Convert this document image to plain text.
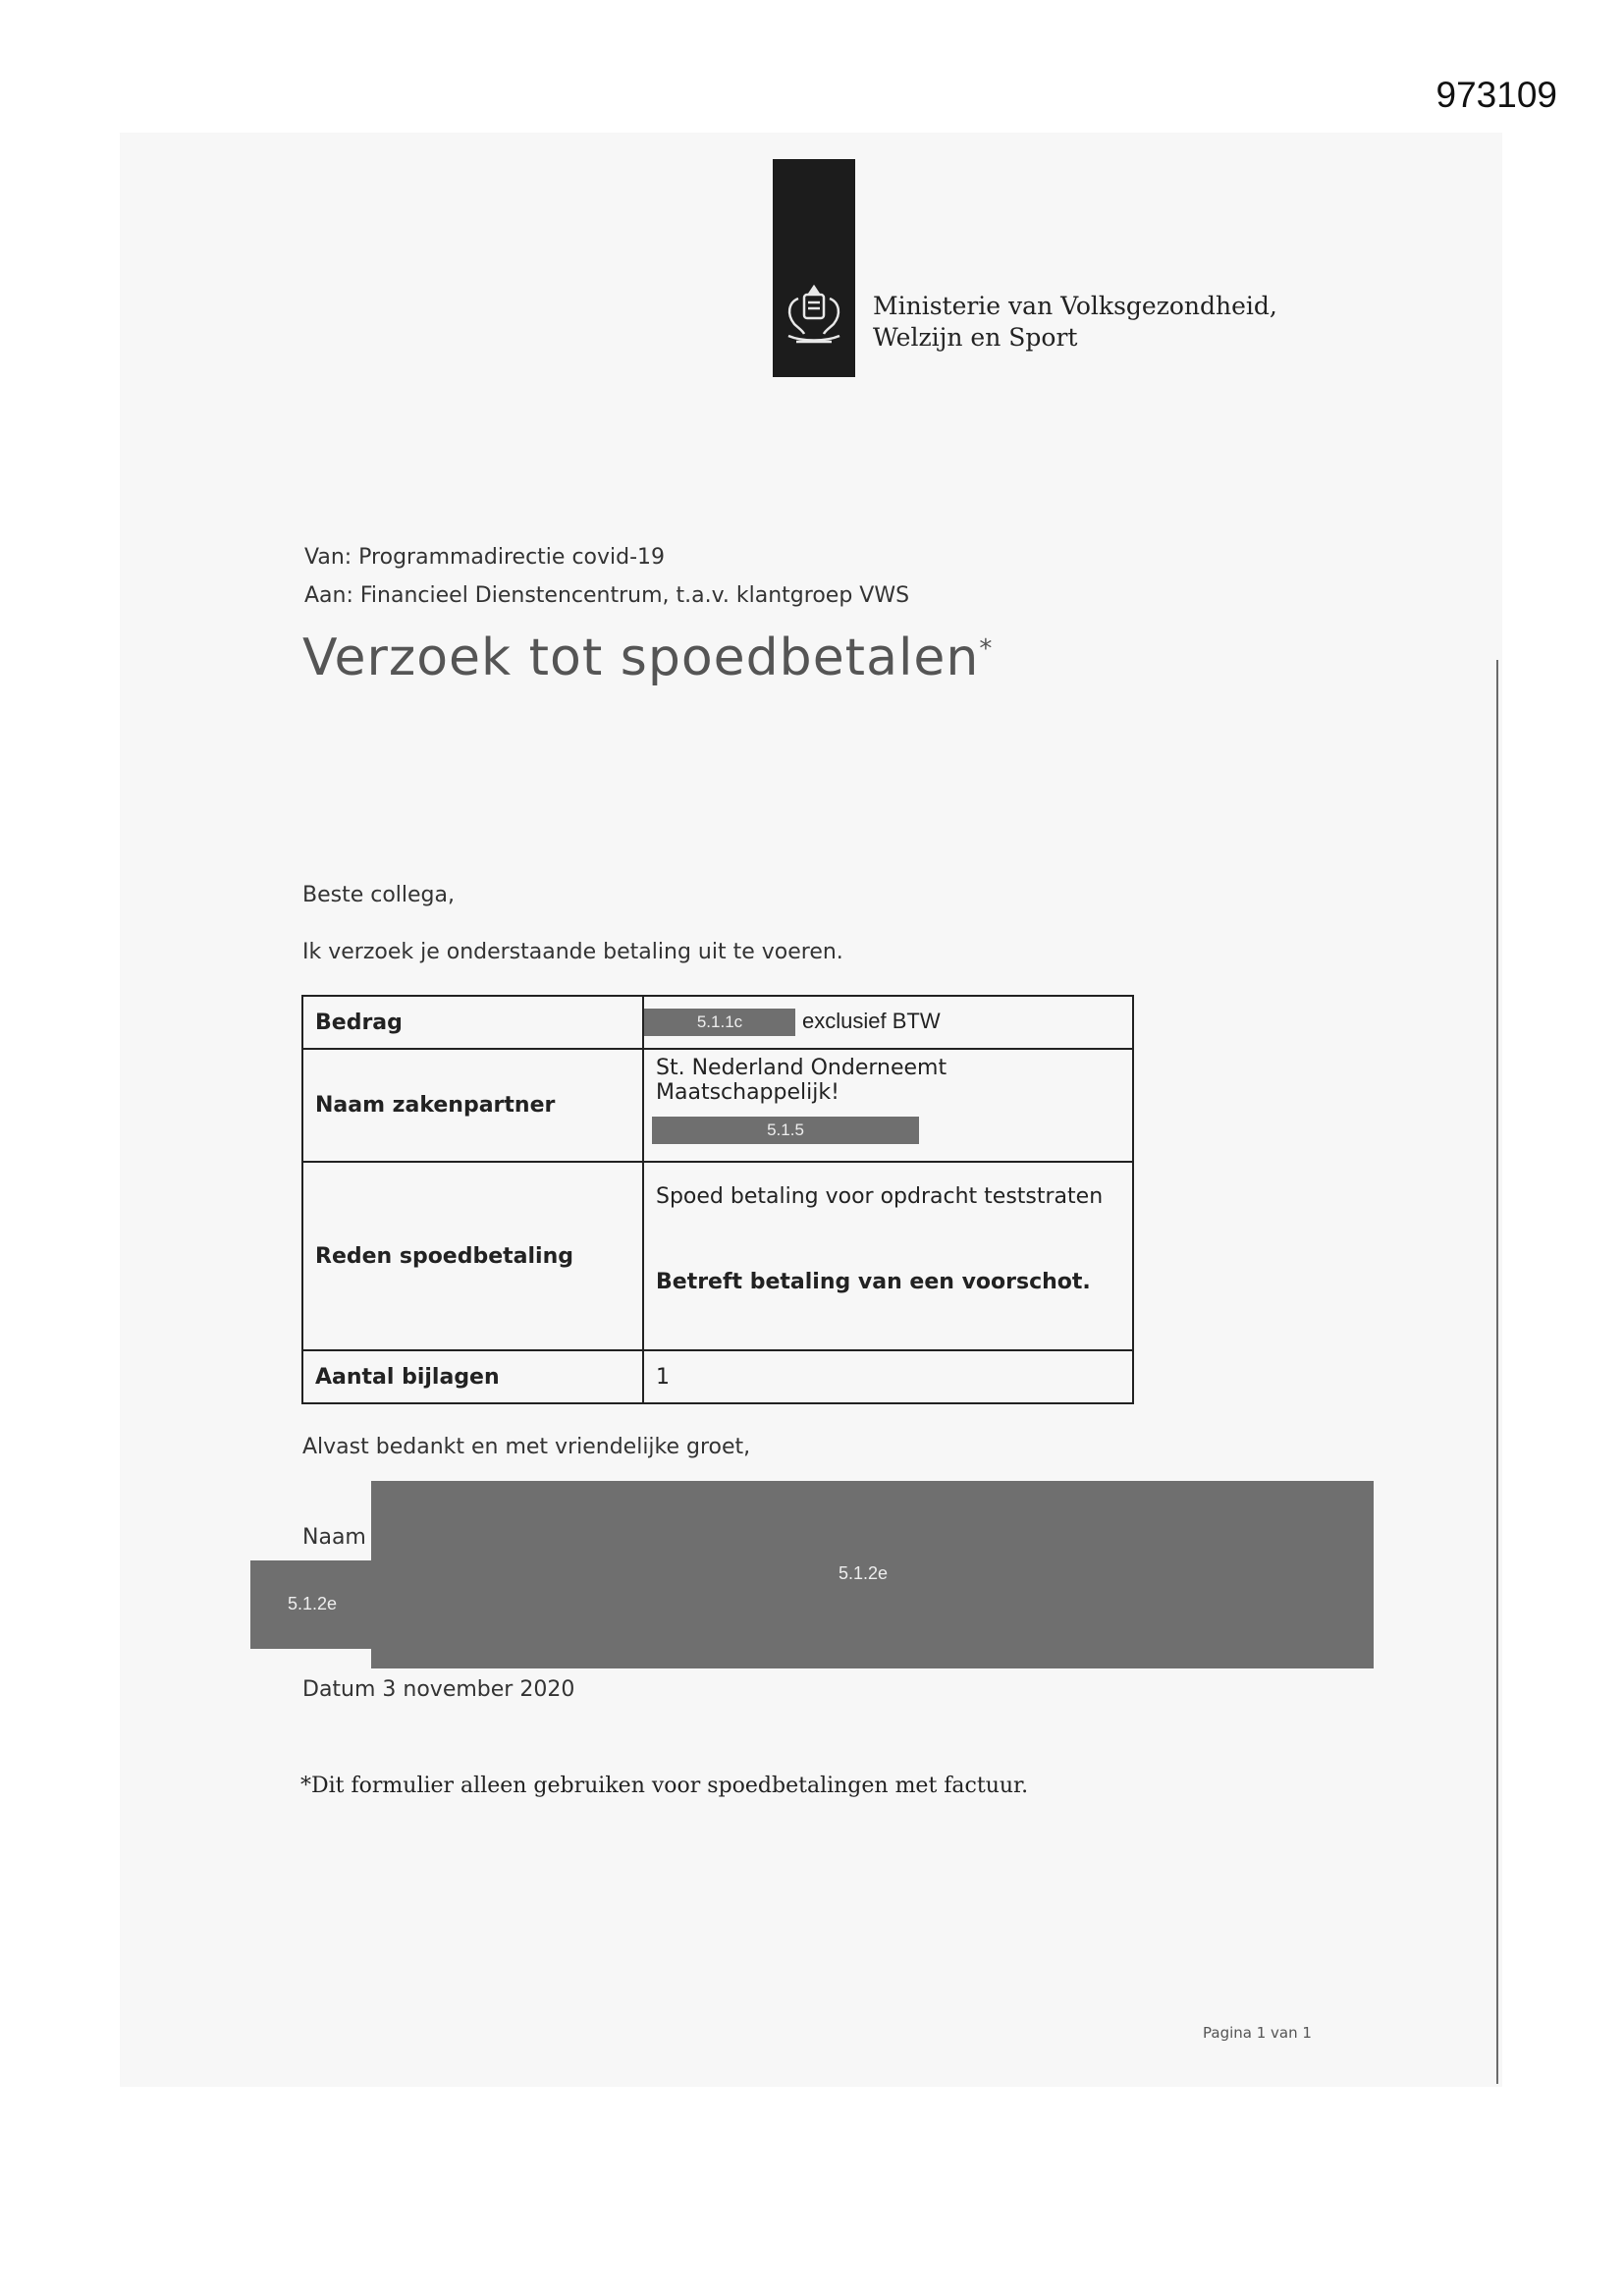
973109
Ministerie van Volksgezondheid,
Welzijn en Sport
Van: Programmadirectie covid-19
Aan: Financieel Dienstencentrum, t.a.v. klantgroep VWS
Verzoek tot spoedbetalen*
Beste collega,
Ik verzoek je onderstaande betaling uit te voeren.
Bedrag	5.1.1c exclusief BTW
Naam zakenpartner	St. Nederland Onderneemt
Maatschappelijk!
5.1.5

Reden spoedbetaling	Spoed betaling voor opdracht teststraten
Betreft betaling van een voorschot.

Aantal bijlagen	1
Alvast bedankt en met vriendelijke groet,
Naam
5.1.2e
5.1.2e
Datum 3 november 2020
*Dit formulier alleen gebruiken voor spoedbetalingen met factuur.
Pagina 1 van 1
